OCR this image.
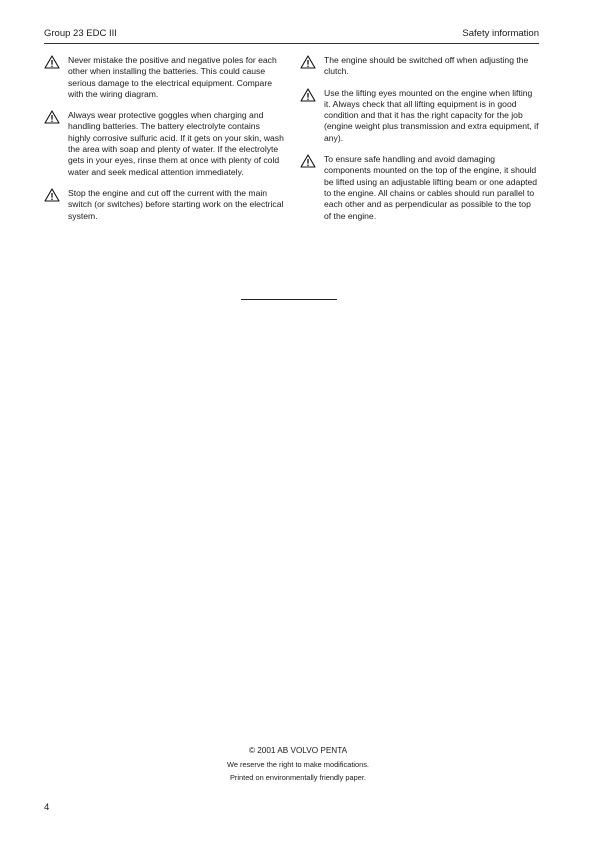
Group 23 EDC III	Safety information
Never mistake the positive and negative poles for each other when installing the batteries. This could cause serious damage to the electrical equipment. Compare with the wiring diagram.
Always wear protective goggles when charging and handling batteries. The battery electrolyte contains highly corrosive sulfuric acid. If it gets on your skin, wash the area with soap and plenty of water. If the electrolyte gets in your eyes, rinse them at once with plenty of cold water and seek medical attention immediately.
Stop the engine and cut off the current with the main switch (or switches) before starting work on the electrical system.
The engine should be switched off when adjusting the clutch.
Use the lifting eyes mounted on the engine when lifting it. Always check that all lifting equipment is in good condition and that it has the right capacity for the job (engine weight plus transmission and extra equipment, if any).
To ensure safe handling and avoid damaging components mounted on the top of the engine, it should be lifted using an adjustable lifting beam or one adapted to the engine. All chains or cables should run parallel to each other and as perpendicular as possible to the top of the engine.
© 2001 AB VOLVO PENTA
We reserve the right to make modifications.
Printed on environmentally friendly paper.
4
